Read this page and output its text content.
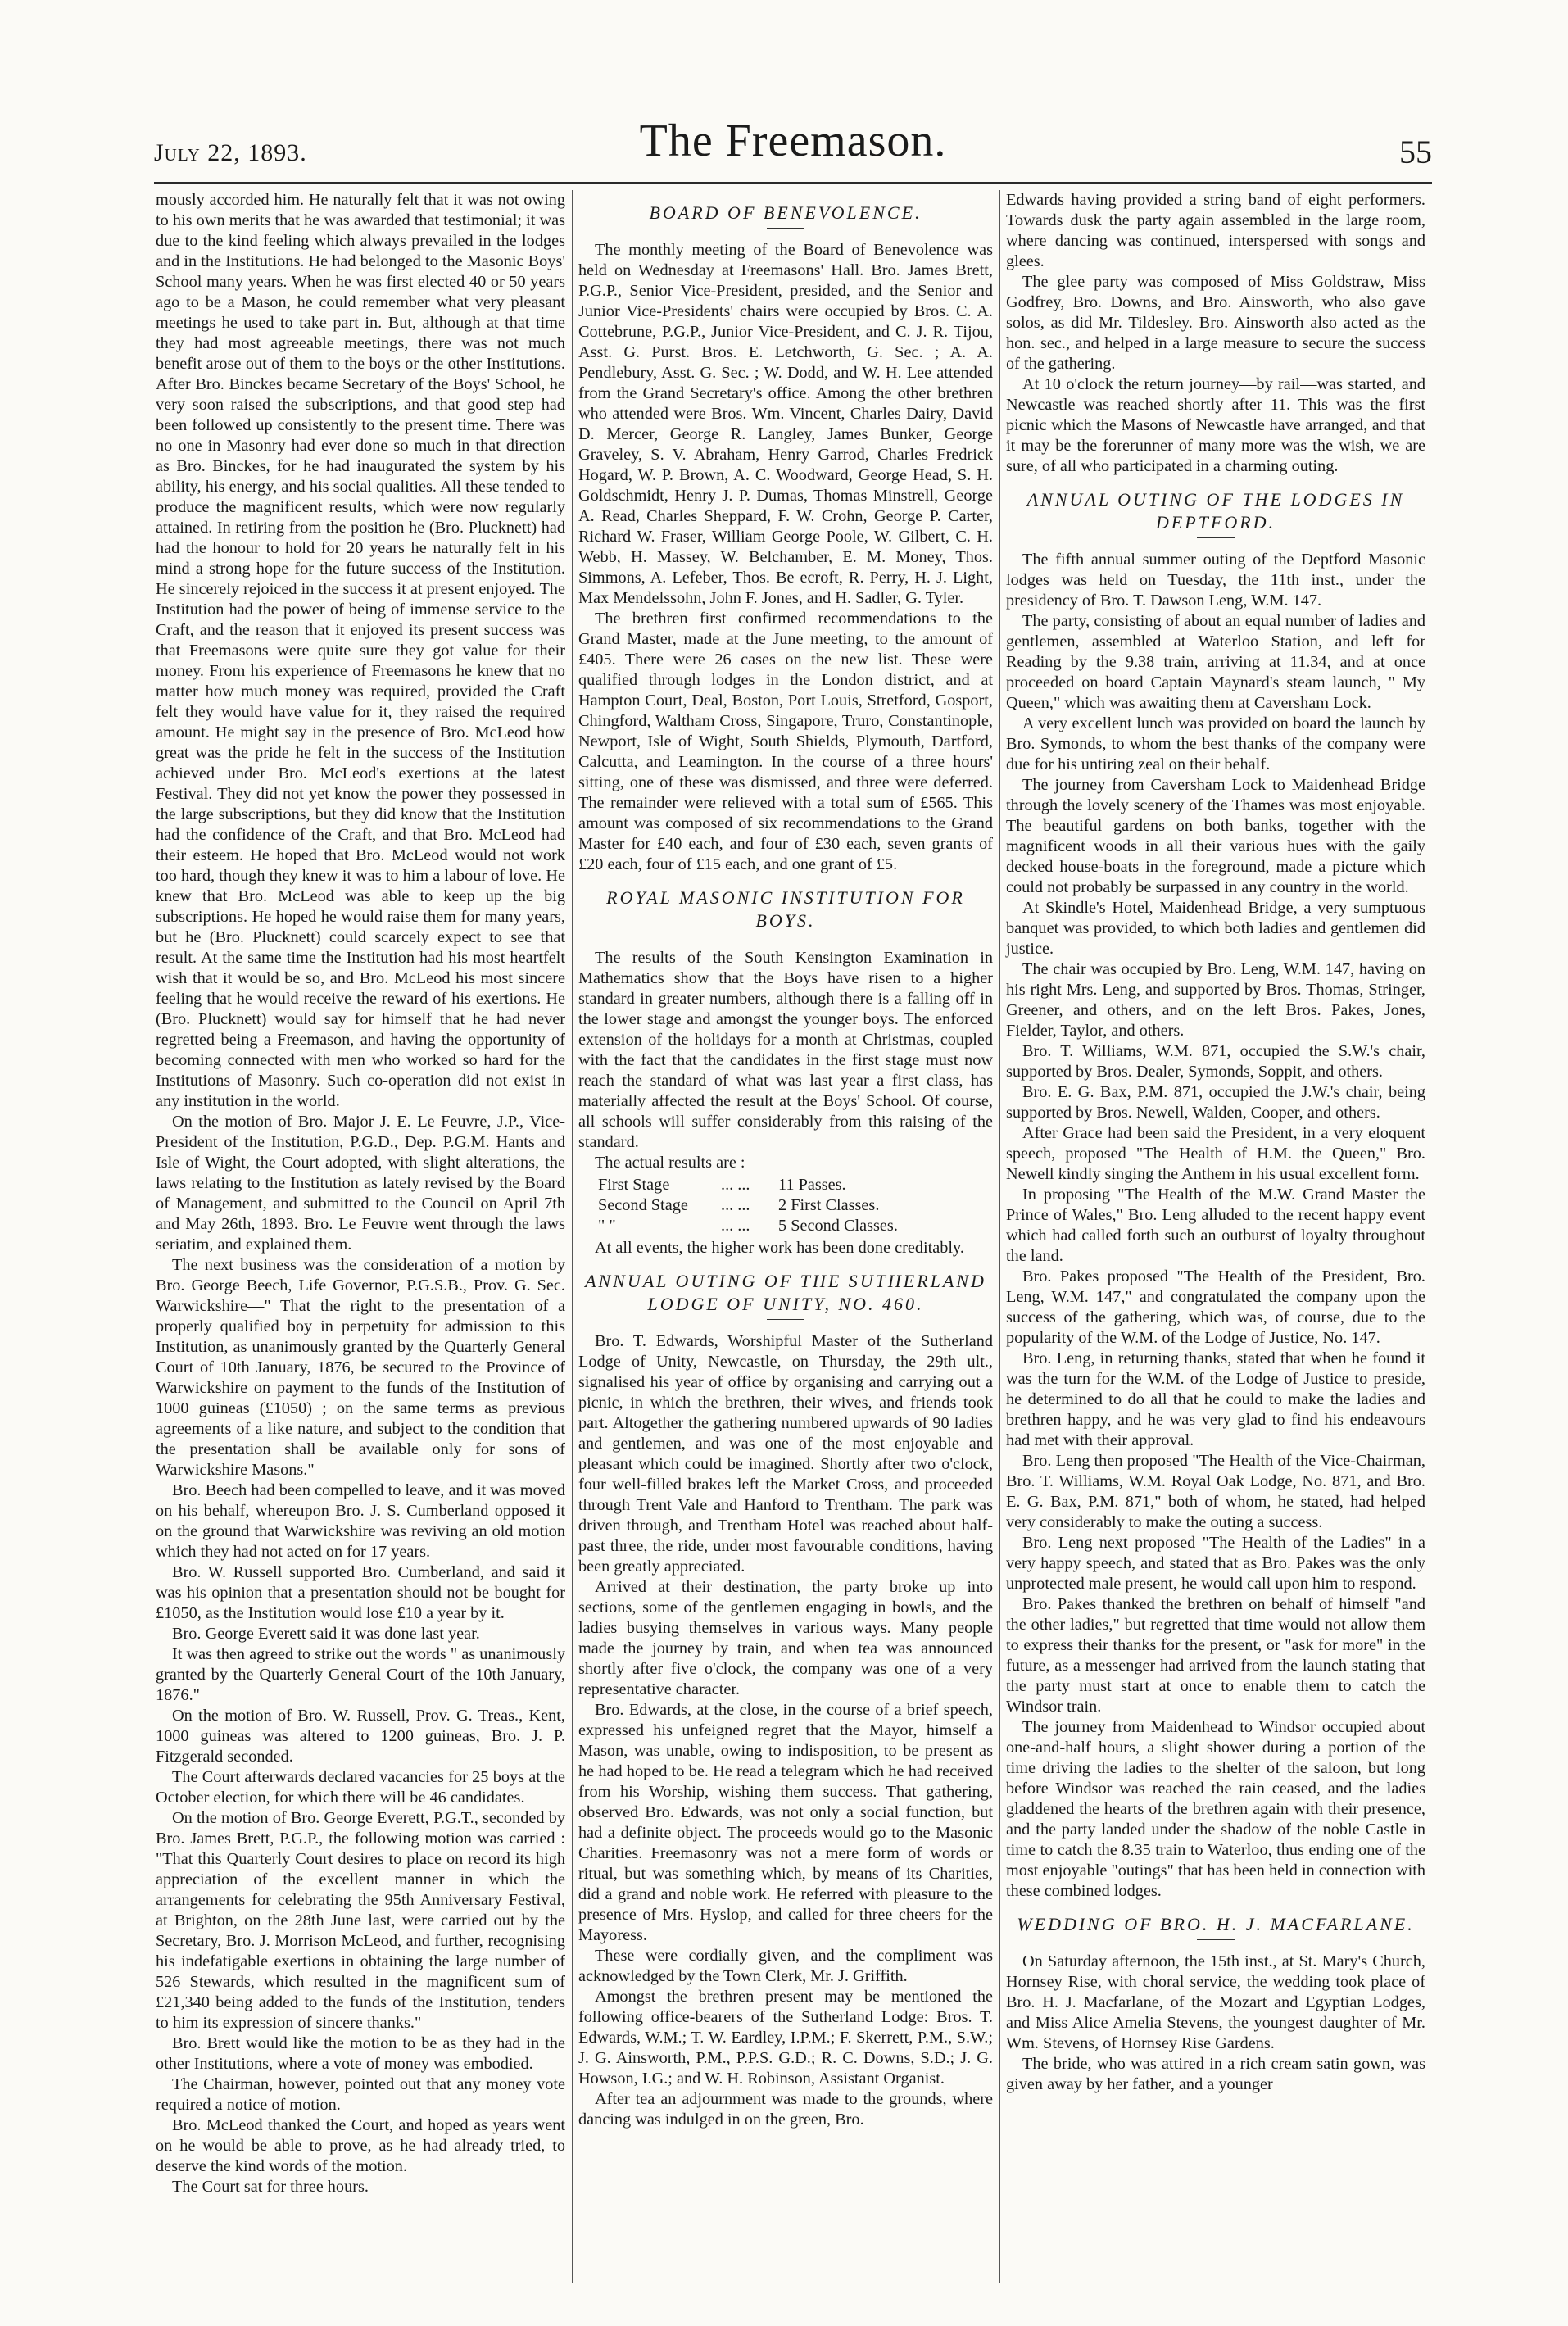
July 22, 1893.	The Freemason.	55

mously accorded him. He naturally felt that it was not owing to his own merits that he was awarded that testimonial; it was due to the kind feeling which always prevailed in the lodges and in the Institutions. He had belonged to the Masonic Boys' School many years. When he was first elected 40 or 50 years ago to be a Mason, he could remember what very pleasant meetings he used to take part in. But, although at that time they had most agreeable meetings, there was not much benefit arose out of them to the boys or the other Institutions. After Bro. Binckes became Secretary of the Boys' School, he very soon raised the subscriptions, and that good step had been followed up consistently to the present time. There was no one in Masonry had ever done so much in that direction as Bro. Binckes, for he had inaugurated the system by his ability, his energy, and his social qualities. All these tended to produce the magnificent results, which were now regularly attained. In retiring from the position he (Bro. Plucknett) had had the honour to hold for 20 years he naturally felt in his mind a strong hope for the future success of the Institution. He sincerely rejoiced in the success it at present enjoyed. The Institution had the power of being of immense service to the Craft, and the reason that it enjoyed its present success was that Freemasons were quite sure they got value for their money. From his experience of Freemasons he knew that no matter how much money was required, provided the Craft felt they would have value for it, they raised the required amount. He might say in the presence of Bro. McLeod how great was the pride he felt in the success of the Institution achieved under Bro. McLeod's exertions at the latest Festival. They did not yet know the power they possessed in the large subscriptions, but they did know that the Institution had the confidence of the Craft, and that Bro. McLeod had their esteem. He hoped that Bro. McLeod would not work too hard, though they knew it was to him a labour of love. He knew that Bro. McLeod was able to keep up the big subscriptions. He hoped he would raise them for many years, but he (Bro. Plucknett) could scarcely expect to see that result. At the same time the Institution had his most heartfelt wish that it would be so, and Bro. McLeod his most sincere feeling that he would receive the reward of his exertions. He (Bro. Plucknett) would say for himself that he had never regretted being a Freemason, and having the opportunity of becoming connected with men who worked so hard for the Institutions of Masonry. Such co-operation did not exist in any institution in the world.

On the motion of Bro. Major J. E. Le Feuvre, J.P., Vice-President of the Institution, P.G.D., Dep. P.G.M. Hants and Isle of Wight, the Court adopted, with slight alterations, the laws relating to the Institution as lately revised by the Board of Management, and submitted to the Council on April 7th and May 26th, 1893. Bro. Le Feuvre went through the laws seriatim, and explained them.

The next business was the consideration of a motion by Bro. George Beech, Life Governor, P.G.S.B., Prov. G. Sec. Warwickshire—" That the right to the presentation of a properly qualified boy in perpetuity for admission to this Institution, as unanimously granted by the Quarterly General Court of 10th January, 1876, be secured to the Province of Warwickshire on payment to the funds of the Institution of 1000 guineas (£1050) ; on the same terms as previous agreements of a like nature, and subject to the condition that the presentation shall be available only for sons of Warwickshire Masons."

Bro. Beech had been compelled to leave, and it was moved on his behalf, whereupon Bro. J. S. Cumberland opposed it on the ground that Warwickshire was reviving an old motion which they had not acted on for 17 years.

Bro. W. Russell supported Bro. Cumberland, and said it was his opinion that a presentation should not be bought for £1050, as the Institution would lose £10 a year by it.

Bro. George Everett said it was done last year.

It was then agreed to strike out the words " as unanimously granted by the Quarterly General Court of the 10th January, 1876."

On the motion of Bro. W. Russell, Prov. G. Treas., Kent, 1000 guineas was altered to 1200 guineas, Bro. J. P. Fitzgerald seconded.

The Court afterwards declared vacancies for 25 boys at the October election, for which there will be 46 candidates.

On the motion of Bro. George Everett, P.G.T., seconded by Bro. James Brett, P.G.P., the following motion was carried : "That this Quarterly Court desires to place on record its high appreciation of the excellent manner in which the arrangements for celebrating the 95th Anniversary Festival, at Brighton, on the 28th June last, were carried out by the Secretary, Bro. J. Morrison McLeod, and further, recognising his indefatigable exertions in obtaining the large number of 526 Stewards, which resulted in the magnificent sum of £21,340 being added to the funds of the Institution, tenders to him its expression of sincere thanks."

Bro. Brett would like the motion to be as they had in the other Institutions, where a vote of money was embodied.

The Chairman, however, pointed out that any money vote required a notice of motion.

Bro. McLeod thanked the Court, and hoped as years went on he would be able to prove, as he had already tried, to deserve the kind words of the motion.

The Court sat for three hours.

BOARD OF BENEVOLENCE.

The monthly meeting of the Board of Benevolence was held on Wednesday at Freemasons' Hall. Bro. James Brett, P.G.P., Senior Vice-President, presided, and the Senior and Junior Vice-Presidents' chairs were occupied by Bros. C. A. Cottebrune, P.G.P., Junior Vice-President, and C. J. R. Tijou, Asst. G. Purst. Bros. E. Letchworth, G. Sec. ; A. A. Pendlebury, Asst. G. Sec. ; W. Dodd, and W. H. Lee attended from the Grand Secretary's office. Among the other brethren who attended were Bros. Wm. Vincent, Charles Dairy, David D. Mercer, George R. Langley, James Bunker, George Graveley, S. V. Abraham, Henry Garrod, Charles Fredrick Hogard, W. P. Brown, A. C. Woodward, George Head, S. H. Goldschmidt, Henry J. P. Dumas, Thomas Minstrell, George A. Read, Charles Sheppard, F. W. Crohn, George P. Carter, Richard W. Fraser, William George Poole, W. Gilbert, C. H. Webb, H. Massey, W. Belchamber, E. M. Money, Thos. Simmons, A. Lefeber, Thos. Be ecroft, R. Perry, H. J. Light, Max Mendelssohn, John F. Jones, and H. Sadler, G. Tyler.

The brethren first confirmed recommendations to the Grand Master, made at the June meeting, to the amount of £405. There were 26 cases on the new list. These were qualified through lodges in the London district, and at Hampton Court, Deal, Boston, Port Louis, Stretford, Gosport, Chingford, Waltham Cross, Singapore, Truro, Constantinople, Newport, Isle of Wight, South Shields, Plymouth, Dartford, Calcutta, and Leamington. In the course of a three hours' sitting, one of these was dismissed, and three were deferred. The remainder were relieved with a total sum of £565. This amount was composed of six recommendations to the Grand Master for £40 each, and four of £30 each, seven grants of £20 each, four of £15 each, and one grant of £5.

ROYAL MASONIC INSTITUTION FOR BOYS.

The results of the South Kensington Examination in Mathematics show that the Boys have risen to a higher standard in greater numbers, although there is a falling off in the lower stage and amongst the younger boys. The enforced extension of the holidays for a month at Christmas, coupled with the fact that the candidates in the first stage must now reach the standard of what was last year a first class, has materially affected the result at the Boys' School. Of course, all schools will suffer considerably from this raising of the standard.

The actual results are :

First Stage	... ...	11 Passes.
Second Stage	... ...	2 First Classes.
" "	... ...	5 Second Classes.

At all events, the higher work has been done creditably.

ANNUAL OUTING OF THE SUTHERLAND LODGE OF UNITY, NO. 460.

Bro. T. Edwards, Worshipful Master of the Sutherland Lodge of Unity, Newcastle, on Thursday, the 29th ult., signalised his year of office by organising and carrying out a picnic, in which the brethren, their wives, and friends took part. Altogether the gathering numbered upwards of 90 ladies and gentlemen, and was one of the most enjoyable and pleasant which could be imagined. Shortly after two o'clock, four well-filled brakes left the Market Cross, and proceeded through Trent Vale and Hanford to Trentham. The park was driven through, and Trentham Hotel was reached about half-past three, the ride, under most favourable conditions, having been greatly appreciated.

Arrived at their destination, the party broke up into sections, some of the gentlemen engaging in bowls, and the ladies busying themselves in various ways. Many people made the journey by train, and when tea was announced shortly after five o'clock, the company was one of a very representative character.

Bro. Edwards, at the close, in the course of a brief speech, expressed his unfeigned regret that the Mayor, himself a Mason, was unable, owing to indisposition, to be present as he had hoped to be. He read a telegram which he had received from his Worship, wishing them success. That gathering, observed Bro. Edwards, was not only a social function, but had a definite object. The proceeds would go to the Masonic Charities. Freemasonry was not a mere form of words or ritual, but was something which, by means of its Charities, did a grand and noble work. He referred with pleasure to the presence of Mrs. Hyslop, and called for three cheers for the Mayoress.

These were cordially given, and the compliment was acknowledged by the Town Clerk, Mr. J. Griffith.

Amongst the brethren present may be mentioned the following office-bearers of the Sutherland Lodge: Bros. T. Edwards, W.M.; T. W. Eardley, I.P.M.; F. Skerrett, P.M., S.W.; J. G. Ainsworth, P.M., P.P.S. G.D.; R. C. Downs, S.D.; J. G. Howson, I.G.; and W. H. Robinson, Assistant Organist.

After tea an adjournment was made to the grounds, where dancing was indulged in on the green, Bro.

Edwards having provided a string band of eight performers. Towards dusk the party again assembled in the large room, where dancing was continued, interspersed with songs and glees.

The glee party was composed of Miss Goldstraw, Miss Godfrey, Bro. Downs, and Bro. Ainsworth, who also gave solos, as did Mr. Tildesley. Bro. Ainsworth also acted as the hon. sec., and helped in a large measure to secure the success of the gathering.

At 10 o'clock the return journey—by rail—was started, and Newcastle was reached shortly after 11. This was the first picnic which the Masons of Newcastle have arranged, and that it may be the forerunner of many more was the wish, we are sure, of all who participated in a charming outing.

ANNUAL OUTING OF THE LODGES IN DEPTFORD.

The fifth annual summer outing of the Deptford Masonic lodges was held on Tuesday, the 11th inst., under the presidency of Bro. T. Dawson Leng, W.M. 147.

The party, consisting of about an equal number of ladies and gentlemen, assembled at Waterloo Station, and left for Reading by the 9.38 train, arriving at 11.34, and at once proceeded on board Captain Maynard's steam launch, " My Queen," which was awaiting them at Caversham Lock.

A very excellent lunch was provided on board the launch by Bro. Symonds, to whom the best thanks of the company were due for his untiring zeal on their behalf.

The journey from Caversham Lock to Maidenhead Bridge through the lovely scenery of the Thames was most enjoyable. The beautiful gardens on both banks, together with the magnificent woods in all their various hues with the gaily decked house-boats in the foreground, made a picture which could not probably be surpassed in any country in the world.

At Skindle's Hotel, Maidenhead Bridge, a very sumptuous banquet was provided, to which both ladies and gentlemen did justice.

The chair was occupied by Bro. Leng, W.M. 147, having on his right Mrs. Leng, and supported by Bros. Thomas, Stringer, Greener, and others, and on the left Bros. Pakes, Jones, Fielder, Taylor, and others.

Bro. T. Williams, W.M. 871, occupied the S.W.'s chair, supported by Bros. Dealer, Symonds, Soppit, and others.

Bro. E. G. Bax, P.M. 871, occupied the J.W.'s chair, being supported by Bros. Newell, Walden, Cooper, and others.

After Grace had been said the President, in a very eloquent speech, proposed "The Health of H.M. the Queen," Bro. Newell kindly singing the Anthem in his usual excellent form.

In proposing "The Health of the M.W. Grand Master the Prince of Wales," Bro. Leng alluded to the recent happy event which had called forth such an outburst of loyalty throughout the land.

Bro. Pakes proposed "The Health of the President, Bro. Leng, W.M. 147," and congratulated the company upon the success of the gathering, which was, of course, due to the popularity of the W.M. of the Lodge of Justice, No. 147.

Bro. Leng, in returning thanks, stated that when he found it was the turn for the W.M. of the Lodge of Justice to preside, he determined to do all that he could to make the ladies and brethren happy, and he was very glad to find his endeavours had met with their approval.

Bro. Leng then proposed "The Health of the Vice-Chairman, Bro. T. Williams, W.M. Royal Oak Lodge, No. 871, and Bro. E. G. Bax, P.M. 871," both of whom, he stated, had helped very considerably to make the outing a success.

Bro. Leng next proposed "The Health of the Ladies" in a very happy speech, and stated that as Bro. Pakes was the only unprotected male present, he would call upon him to respond.

Bro. Pakes thanked the brethren on behalf of himself "and the other ladies," but regretted that time would not allow them to express their thanks for the present, or "ask for more" in the future, as a messenger had arrived from the launch stating that the party must start at once to enable them to catch the Windsor train.

The journey from Maidenhead to Windsor occupied about one-and-half hours, a slight shower during a portion of the time driving the ladies to the shelter of the saloon, but long before Windsor was reached the rain ceased, and the ladies gladdened the hearts of the brethren again with their presence, and the party landed under the shadow of the noble Castle in time to catch the 8.35 train to Waterloo, thus ending one of the most enjoyable "outings" that has been held in connection with these combined lodges.

WEDDING OF BRO. H. J. MACFARLANE.

On Saturday afternoon, the 15th inst., at St. Mary's Church, Hornsey Rise, with choral service, the wedding took place of Bro. H. J. Macfarlane, of the Mozart and Egyptian Lodges, and Miss Alice Amelia Stevens, the youngest daughter of Mr. Wm. Stevens, of Hornsey Rise Gardens.

The bride, who was attired in a rich cream satin gown, was given away by her father, and a younger
